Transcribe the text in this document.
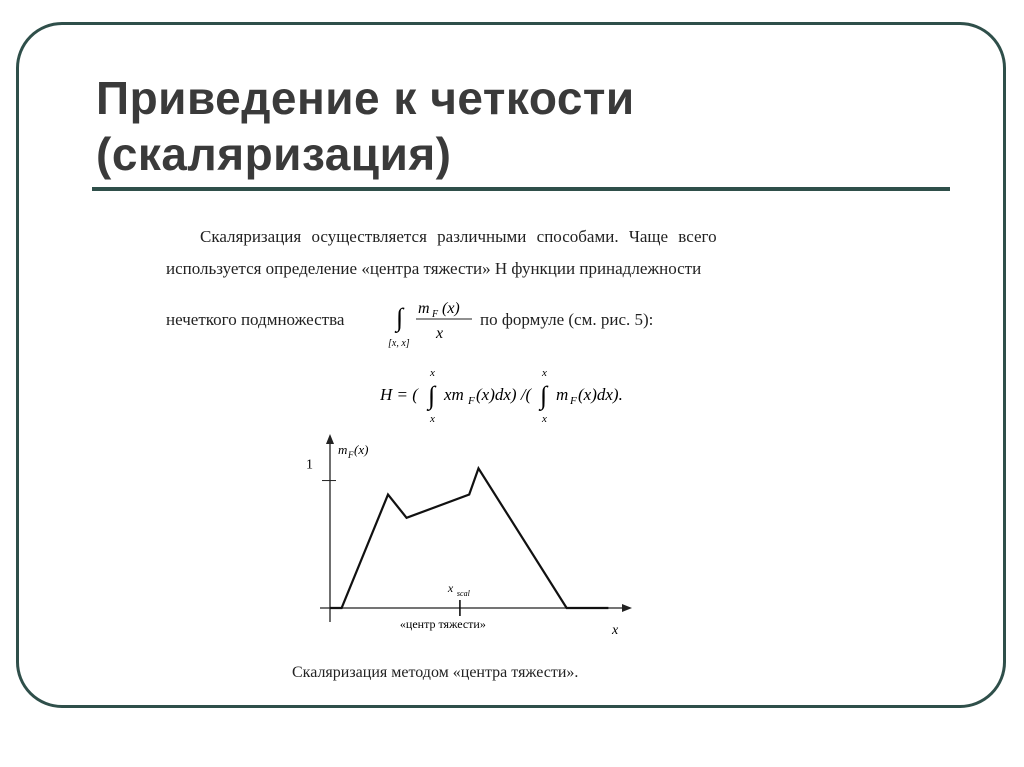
Приведение к четкости
(скаляризация)
Скаляризация осуществляется различными способами. Чаще всего
используется определение «центра тяжести» H функции принадлежности
нечеткого подмножества ∫
[x, x]
m F (x)
x
по формуле (см. рис. 5):
H = ( ∫
x
x
xm F (x)dx) /( ∫
x
x
m F (x)dx).
1
m F (x)
x
x scal
«центр тяжести»
Скаляризация методом «центра тяжести».
